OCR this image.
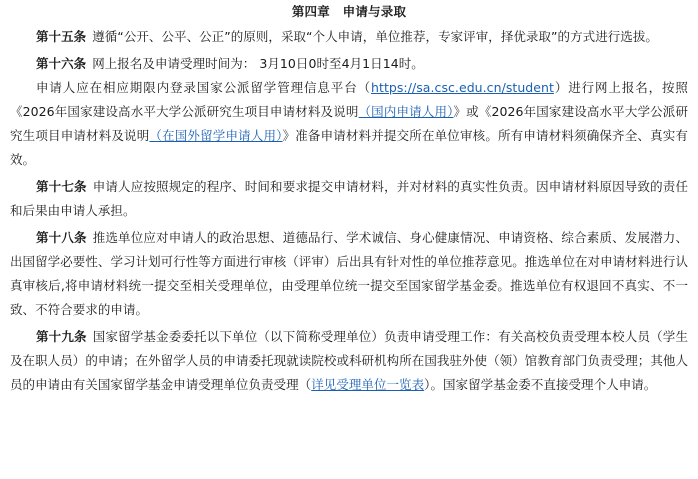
第四章　申请与录取

第十五条 遵循“公开、公平、公正”的原则，采取“个人申请，单位推荐，专家评审，择优录取”的方式进行选拔。

第十六条 网上报名及申请受理时间为： 3月10日0时至4月1日14时。

申请人应在相应期限内登录国家公派留学管理信息平台（https://sa.csc.edu.cn/student）进行网上报名，按照《2026年国家建设高水平大学公派研究生项目申请材料及说明（国内申请人用）》或《2026年国家建设高水平大学公派研究生项目申请材料及说明（在国外留学申请人用）》准备申请材料并提交所在单位审核。所有申请材料须确保齐全、真实有效。

第十七条 申请人应按照规定的程序、时间和要求提交申请材料，并对材料的真实性负责。因申请材料原因导致的责任和后果由申请人承担。

第十八条 推选单位应对申请人的政治思想、道德品行、学术诚信、身心健康情况、申请资格、综合素质、发展潜力、出国留学必要性、学习计划可行性等方面进行审核（评审）后出具有针对性的单位推荐意见。推选单位在对申请材料进行认真审核后,将申请材料统一提交至相关受理单位，由受理单位统一提交至国家留学基金委。推选单位有权退回不真实、不一致、不符合要求的申请。

第十九条 国家留学基金委委托以下单位（以下简称受理单位）负责申请受理工作：有关高校负责受理本校人员（学生及在职人员）的申请；在外留学人员的申请委托现就读院校或科研机构所在国我驻外使（领）馆教育部门负责受理；其他人员的申请由有关国家留学基金申请受理单位负责受理（详见受理单位一览表）。国家留学基金委不直接受理个人申请。
